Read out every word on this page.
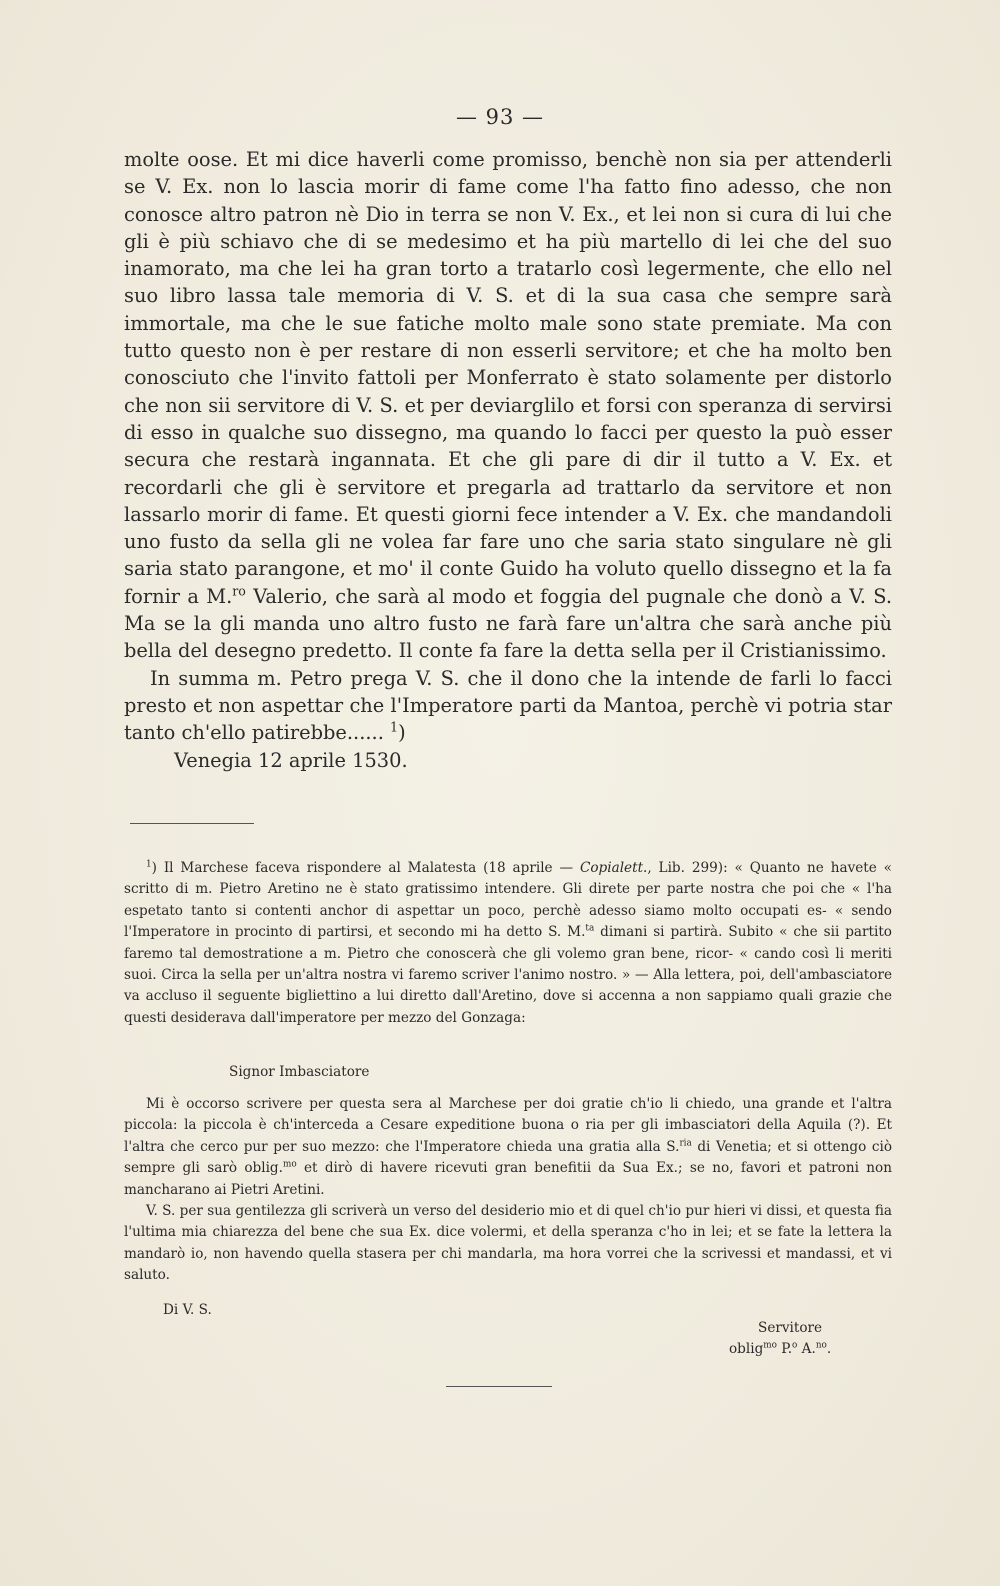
— 93 —

molte oose. Et mi dice haverli come promisso, benchè non sia per attenderli se V. Ex. non lo lascia morir di fame come l'ha fatto fino adesso, che non conosce altro patron nè Dio in terra se non V. Ex., et lei non si cura di lui che gli è più schiavo che di se medesimo et ha più martello di lei che del suo inamorato, ma che lei ha gran torto a tratarlo così legermente, che ello nel suo libro lassa tale memoria di V. S. et di la sua casa che sempre sarà immortale, ma che le sue fatiche molto male sono state premiate. Ma con tutto questo non è per restare di non esserli servitore; et che ha molto ben conosciuto che l'invito fattoli per Monferrato è stato solamente per distorlo che non sii servitore di V. S. et per deviarglilo et forsi con speranza di servirsi di esso in qualche suo dissegno, ma quando lo facci per questo la può esser secura che restarà ingannata. Et che gli pare di dir il tutto a V. Ex. et recordarli che gli è servitore et pregarla ad trattarlo da servitore et non lassarlo morir di fame. Et questi giorni fece intender a V. Ex. che mandandoli uno fusto da sella gli ne volea far fare uno che saria stato singulare nè gli saria stato parangone, et mo' il conte Guido ha voluto quello dissegno et la fa fornir a M.$^{ro}$ Valerio, che sarà al modo et foggia del pugnale che donò a V. S. Ma se la gli manda uno altro fusto ne farà fare un'altra che sarà anche più bella del desegno predetto. Il conte fa fare la detta sella per il Cristianissimo.

In summa m. Petro prega V. S. che il dono che la intende de farli lo facci presto et non aspettar che l'Imperatore parti da Mantoa, perchè vi potria star tanto ch'ello patirebbe...... $^1$)

Venegia 12 aprile 1530.

$^1$) Il Marchese faceva rispondere al Malatesta (18 aprile — Copialett., Lib. 299): « Quanto ne havete « scritto di m. Pietro Aretino ne è stato gratissimo intendere. Gli direte per parte nostra che poi che « l'ha espetato tanto si contenti anchor di aspettar un poco, perchè adesso siamo molto occupati es- « sendo l'Imperatore in procinto di partirsi, et secondo mi ha detto S. M.$^{ta}$ dimani si partirà. Subito « che sii partito faremo tal demostratione a m. Pietro che conoscerà che gli volemo gran bene, ricor- « cando così li meriti suoi. Circa la sella per un'altra nostra vi faremo scriver l'animo nostro. » — Alla lettera, poi, dell'ambasciatore va accluso il seguente bigliettino a lui diretto dall'Aretino, dove si accenna a non sappiamo quali grazie che questi desiderava dall'imperatore per mezzo del Gonzaga:

Signor Imbasciatore

Mi è occorso scrivere per questa sera al Marchese per doi gratie ch'io li chiedo, una grande et l'altra piccola: la piccola è ch'interceda a Cesare expeditione buona o ria per gli imbasciatori della Aquila (?). Et l'altra che cerco pur per suo mezzo: che l'Imperatore chieda una gratia alla S.$^{ria}$ di Venetia; et si ottengo ciò sempre gli sarò oblig.$^{mo}$ et dirò di havere ricevuti gran benefitii da Sua Ex.; se no, favori et patroni non mancharano ai Pietri Aretini.

V. S. per sua gentilezza gli scriverà un verso del desiderio mio et di quel ch'io pur hieri vi dissi, et questa fia l'ultima mia chiarezza del bene che sua Ex. dice volermi, et della speranza c'ho in lei; et se fate la lettera la mandarò io, non havendo quella stasera per chi mandarla, ma hora vorrei che la scrivessi et mandassi, et vi saluto.

Di V. S.
Servitore
oblig$^{mo}$ P.$^o$ A.$^{no}$.
